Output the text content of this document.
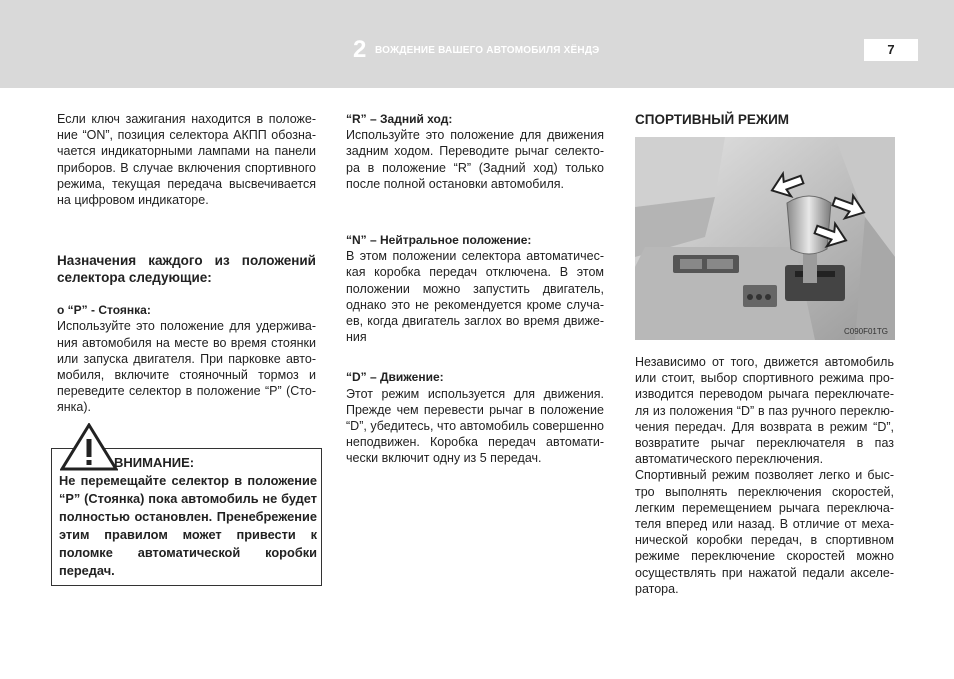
2 ВОЖДЕНИЕ ВАШЕГО АВТОМОБИЛЯ ХЁНДЭ	7

Если ключ зажигания находится в положение “ON”, позиция селектора АКПП обозначается индикаторными лампами на панели приборов. В случае включения спортивного режима, текущая передача высвечивается на цифровом индикаторе.

Назначения каждого из положений селектора следующие:

о “P” - Стоянка:

Используйте это положение для удерживания автомобиля на месте во время стоянки или запуска двигателя. При парковке автомобиля, включите стояночный тормоз и переведите селектор в положение “P” (Стоянка).

ВНИМАНИЕ:

Не перемещайте селектор в положение “P” (Стоянка) пока автомобиль не будет полностью остановлен. Пренебрежение этим правилом может привести к поломке автоматической коробки передач.

“R” – Задний ход:

Используйте это положение для движения задним ходом. Переводите рычаг селектора в положение “R” (Задний ход) только после полной остановки автомобиля.

“N” – Нейтральное положение:

В этом положении селектора автоматическая коробка передач отключена. В этом положении можно запустить двигатель, однако это не рекомендуется кроме случаев, когда двигатель заглох во время движения

“D” – Движение:

Этот режим используется для движения. Прежде чем перевести рычаг в положение “D”, убедитесь, что автомобиль совершенно неподвижен. Коробка передач автоматически включит одну из 5 передач.

СПОРТИВНЫЙ РЕЖИМ

Независимо от того, движется автомобиль или стоит, выбор спортивного режима производится переводом рычага переключателя из положения “D” в паз ручного переключения передач. Для возврата в режим “D”, возвратите рычаг переключателя в паз автоматического переключения.

Спортивный режим позволяет легко и быстро выполнять переключения скоростей, легким перемещением рычага переключателя вперед или назад. В отличие от механической коробки передач, в спортивном режиме переключение скоростей можно осуществлять при нажатой педали акселератора.

C090F01TG
